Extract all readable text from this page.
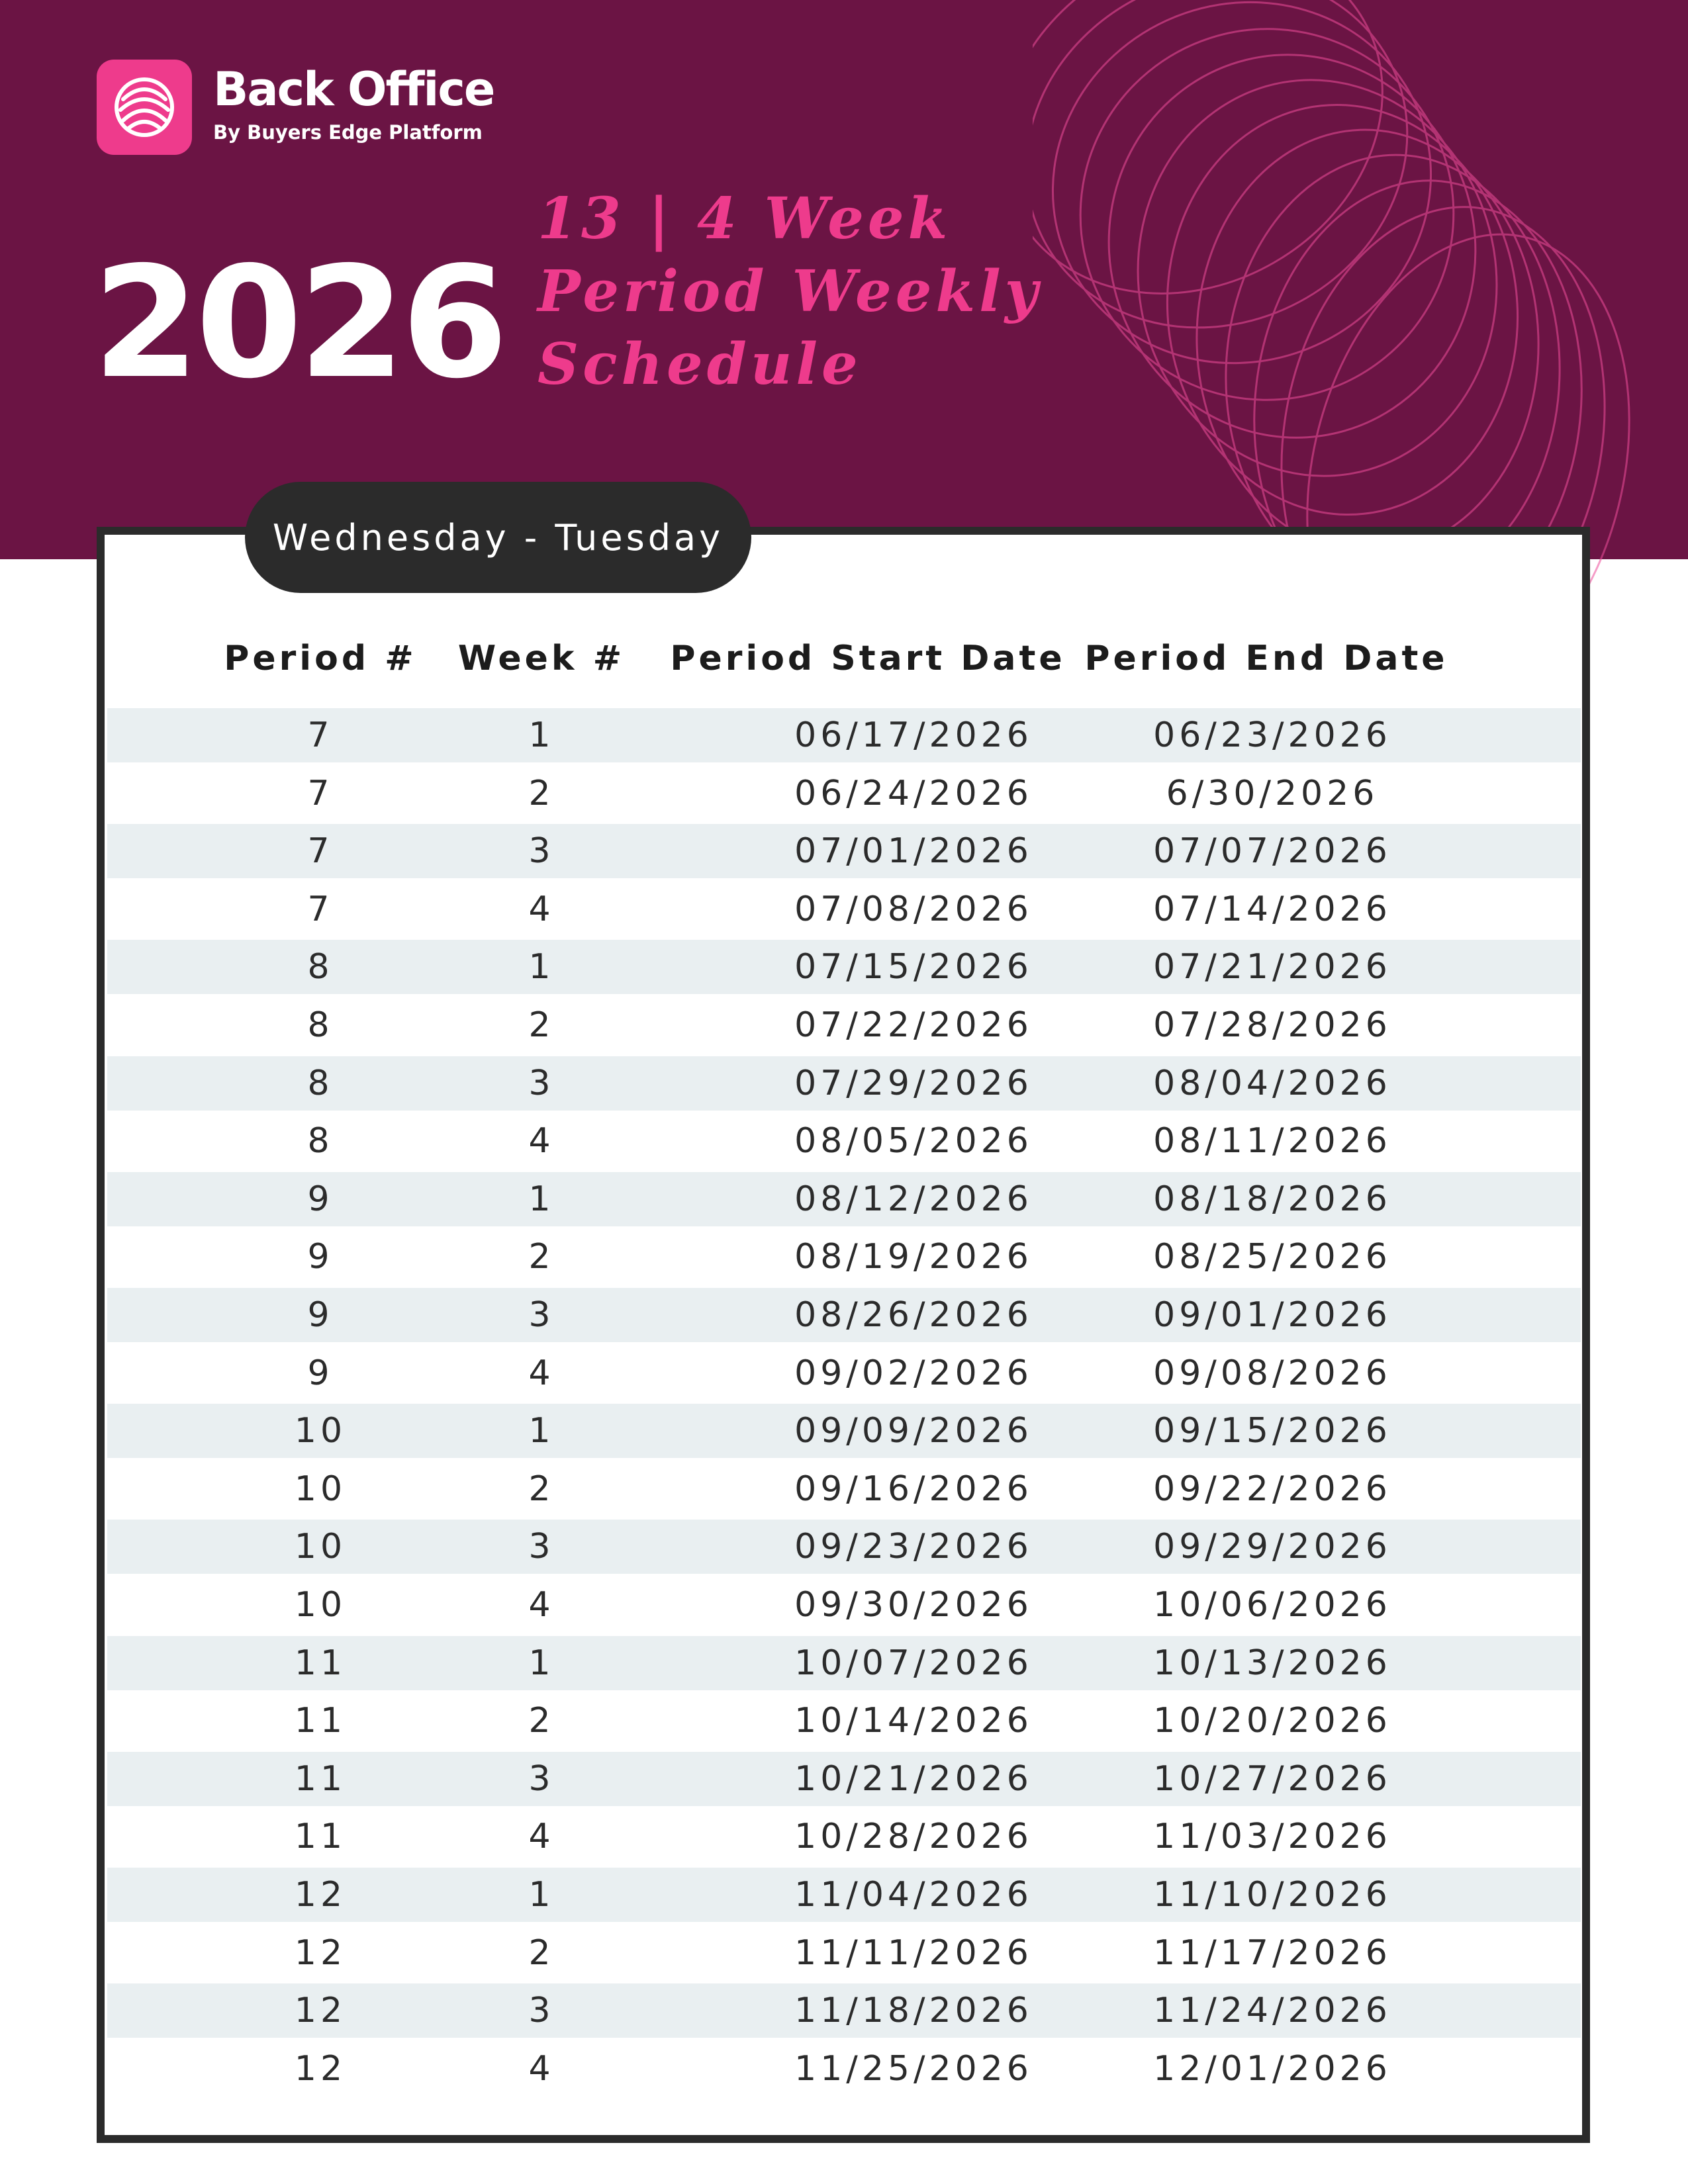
Back Office
By Buyers Edge Platform
2026
13 | 4 Week
Period Weekly
Schedule
Wednesday - Tuesday
Period # Week # Period Start Date Period End Date
7	1	06/17/2026	06/23/2026
7	2	06/24/2026	6/30/2026
7	3	07/01/2026	07/07/2026
7	4	07/08/2026	07/14/2026
8	1	07/15/2026	07/21/2026
8	2	07/22/2026	07/28/2026
8	3	07/29/2026	08/04/2026
8	4	08/05/2026	08/11/2026
9	1	08/12/2026	08/18/2026
9	2	08/19/2026	08/25/2026
9	3	08/26/2026	09/01/2026
9	4	09/02/2026	09/08/2026
10	1	09/09/2026	09/15/2026
10	2	09/16/2026	09/22/2026
10	3	09/23/2026	09/29/2026
10	4	09/30/2026	10/06/2026
11	1	10/07/2026	10/13/2026
11	2	10/14/2026	10/20/2026
11	3	10/21/2026	10/27/2026
11	4	10/28/2026	11/03/2026
12	1	11/04/2026	11/10/2026
12	2	11/11/2026	11/17/2026
12	3	11/18/2026	11/24/2026
12	4	11/25/2026	12/01/2026
